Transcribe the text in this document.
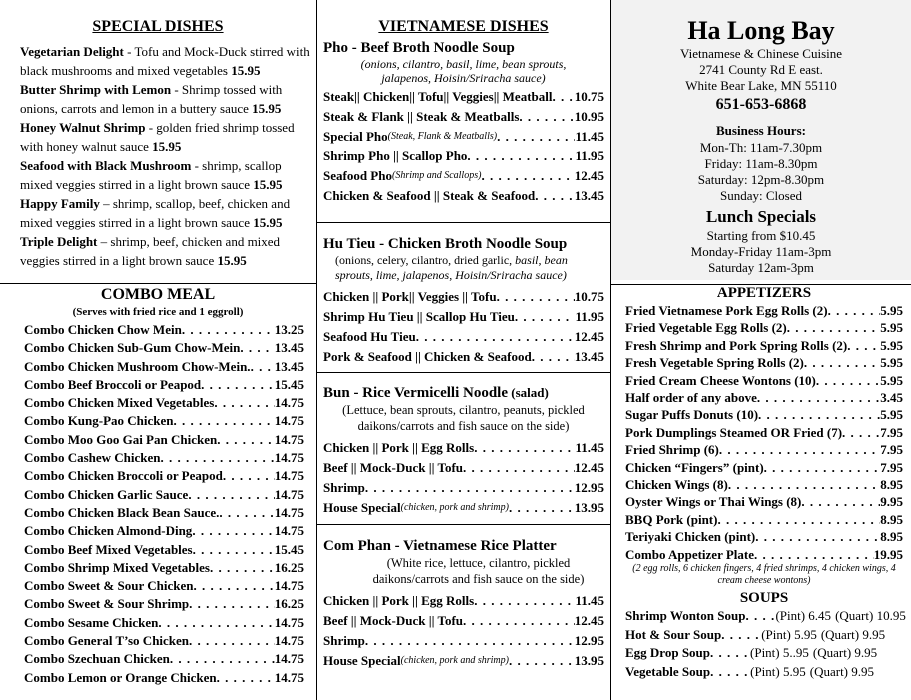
SPECIAL DISHES
Vegetarian Delight - Tofu and Mock-Duck stirred with black mushrooms and mixed vegetables 15.95
Butter Shrimp with Lemon - Shrimp tossed with onions, carrots and lemon in a buttery sauce 15.95
Honey Walnut Shrimp - golden fried shrimp tossed with honey walnut sauce 15.95
Seafood with Black Mushroom - shrimp, scallop mixed veggies stirred in a light brown sauce 15.95
Happy Family – shrimp, scallop, beef, chicken and mixed veggies stirred in a light brown sauce 15.95
Triple Delight – shrimp, beef, chicken and mixed veggies stirred in a light brown sauce 15.95
COMBO MEAL
(Serves with fried rice and 1 eggroll)
Combo Chicken Chow Mein . . .	13.25
Combo Chicken Sub-Gum Chow-Mein . . .	13.45
Combo Chicken Mushroom Chow-Mein. . . . 13.45
Combo Beef Broccoli or Peapod . . .	15.45
Combo Chicken Mixed Vegetables . . .	14.75
Combo Kung-Pao Chicken . . .	14.75
Combo Moo Goo Gai Pan Chicken . . .	14.75
Combo Cashew Chicken . . .	14.75
Combo Chicken Broccoli or Peapod . . .	14.75
Combo Chicken Garlic Sauce . . .	14.75
Combo Chicken Black Bean Sauce. . . .	14.75
Combo Chicken Almond-Ding . . .	14.75
Combo Beef Mixed Vegetables . . .	15.45
Combo Shrimp Mixed Vegetables . . .	16.25
Combo Sweet & Sour Chicken . . .	14.75
Combo Sweet & Sour Shrimp . . .	16.25
Combo Sesame Chicken . . .	14.75
Combo General T’so Chicken . . .	14.75
Combo Szechuan Chicken . . .	14.75
Combo Lemon or Orange Chicken . . .	14.75
VIETNAMESE DISHES
Pho - Beef Broth Noodle Soup
(onions, cilantro, basil, lime, bean sprouts, jalapenos, Hoisin/Sriracha sauce)
Steak|| Chicken|| Tofu|| Veggies|| Meatball . . . 10.75
Steak & Flank || Steak & Meatballs . . .	10.95
Special Pho (Steak, Flank & Meatballs) . . .	11.45
Shrimp Pho || Scallop Pho . . .	11.95
Seafood Pho (Shrimp and Scallops) . . .	12.45
Chicken & Seafood || Steak & Seafood . . .	13.45
Hu Tieu - Chicken Broth Noodle Soup
(onions, celery, cilantro, dried garlic, basil, bean sprouts, lime, jalapenos, Hoisin/Sriracha sauce)
Chicken || Pork|| Veggies || Tofu . . .	10.75
Shrimp Hu Tieu || Scallop Hu Tieu . . .	11.95
Seafood Hu Tieu . . .	12.45
Pork & Seafood || Chicken & Seafood . . .	13.45
Bun - Rice Vermicelli Noodle (salad)
(Lettuce, bean sprouts, cilantro, peanuts, pickled daikons/carrots and fish sauce on the side)
Chicken || Pork || Egg Rolls . . .	11.45
Beef || Mock-Duck || Tofu . . .	12.45
Shrimp . . .	12.95
House Special (chicken, pork and shrimp) . . .	13.95
Com Phan - Vietnamese Rice Platter
(White rice, lettuce, cilantro, pickled daikons/carrots and fish sauce on the side)
Chicken || Pork || Egg Rolls . . .	11.45
Beef || Mock-Duck || Tofu . . .	12.45
Shrimp . . .	12.95
House Special (chicken, pork and shrimp) . . .	13.95
Ha Long Bay
Vietnamese & Chinese Cuisine
2741 County Rd E east.
White Bear Lake, MN 55110
651-653-6868
Business Hours:
Mon-Th: 11am-7.30pm
Friday: 11am-8.30pm
Saturday: 12pm-8.30pm
Sunday: Closed
Lunch Specials
Starting from $10.45
Monday-Friday 11am-3pm
Saturday 12am-3pm
APPETIZERS
Fried Vietnamese Pork Egg Rolls (2) . . .	5.95
Fried Vegetable Egg Rolls (2) . . .	5.95
Fresh Shrimp and Pork Spring Rolls (2) . . .	5.95
Fresh Vegetable Spring Rolls (2) . . .	5.95
Fried Cream Cheese Wontons (10) . . .	5.95
Half order of any above . . .	3.45
Sugar Puffs Donuts (10) . . .	5.95
Pork Dumplings Steamed OR Fried (7) . . .	7.95
Fried Shrimp (6) . . .	7.95
Chicken “Fingers” (pint) . . .	7.95
Chicken Wings (8) . . .	8.95
Oyster Wings or Thai Wings (8) . . .	9.95
BBQ Pork (pint) . . .	8.95
Teriyaki Chicken (pint) . . .	8.95
Combo Appetizer Plate . . .	19.95
(2 egg rolls, 6 chicken fingers, 4 fried shrimps, 4 chicken wings, 4 cream cheese wontons)
SOUPS
Shrimp Wonton Soup . . . (Pint) 6.45 (Quart) 10.95
Hot & Sour Soup . . .	(Pint) 5.95 (Quart) 9.95
Egg Drop Soup . . .	(Pint) 5..95 (Quart) 9.95
Vegetable Soup . . .	(Pint) 5.95 (Quart) 9.95
